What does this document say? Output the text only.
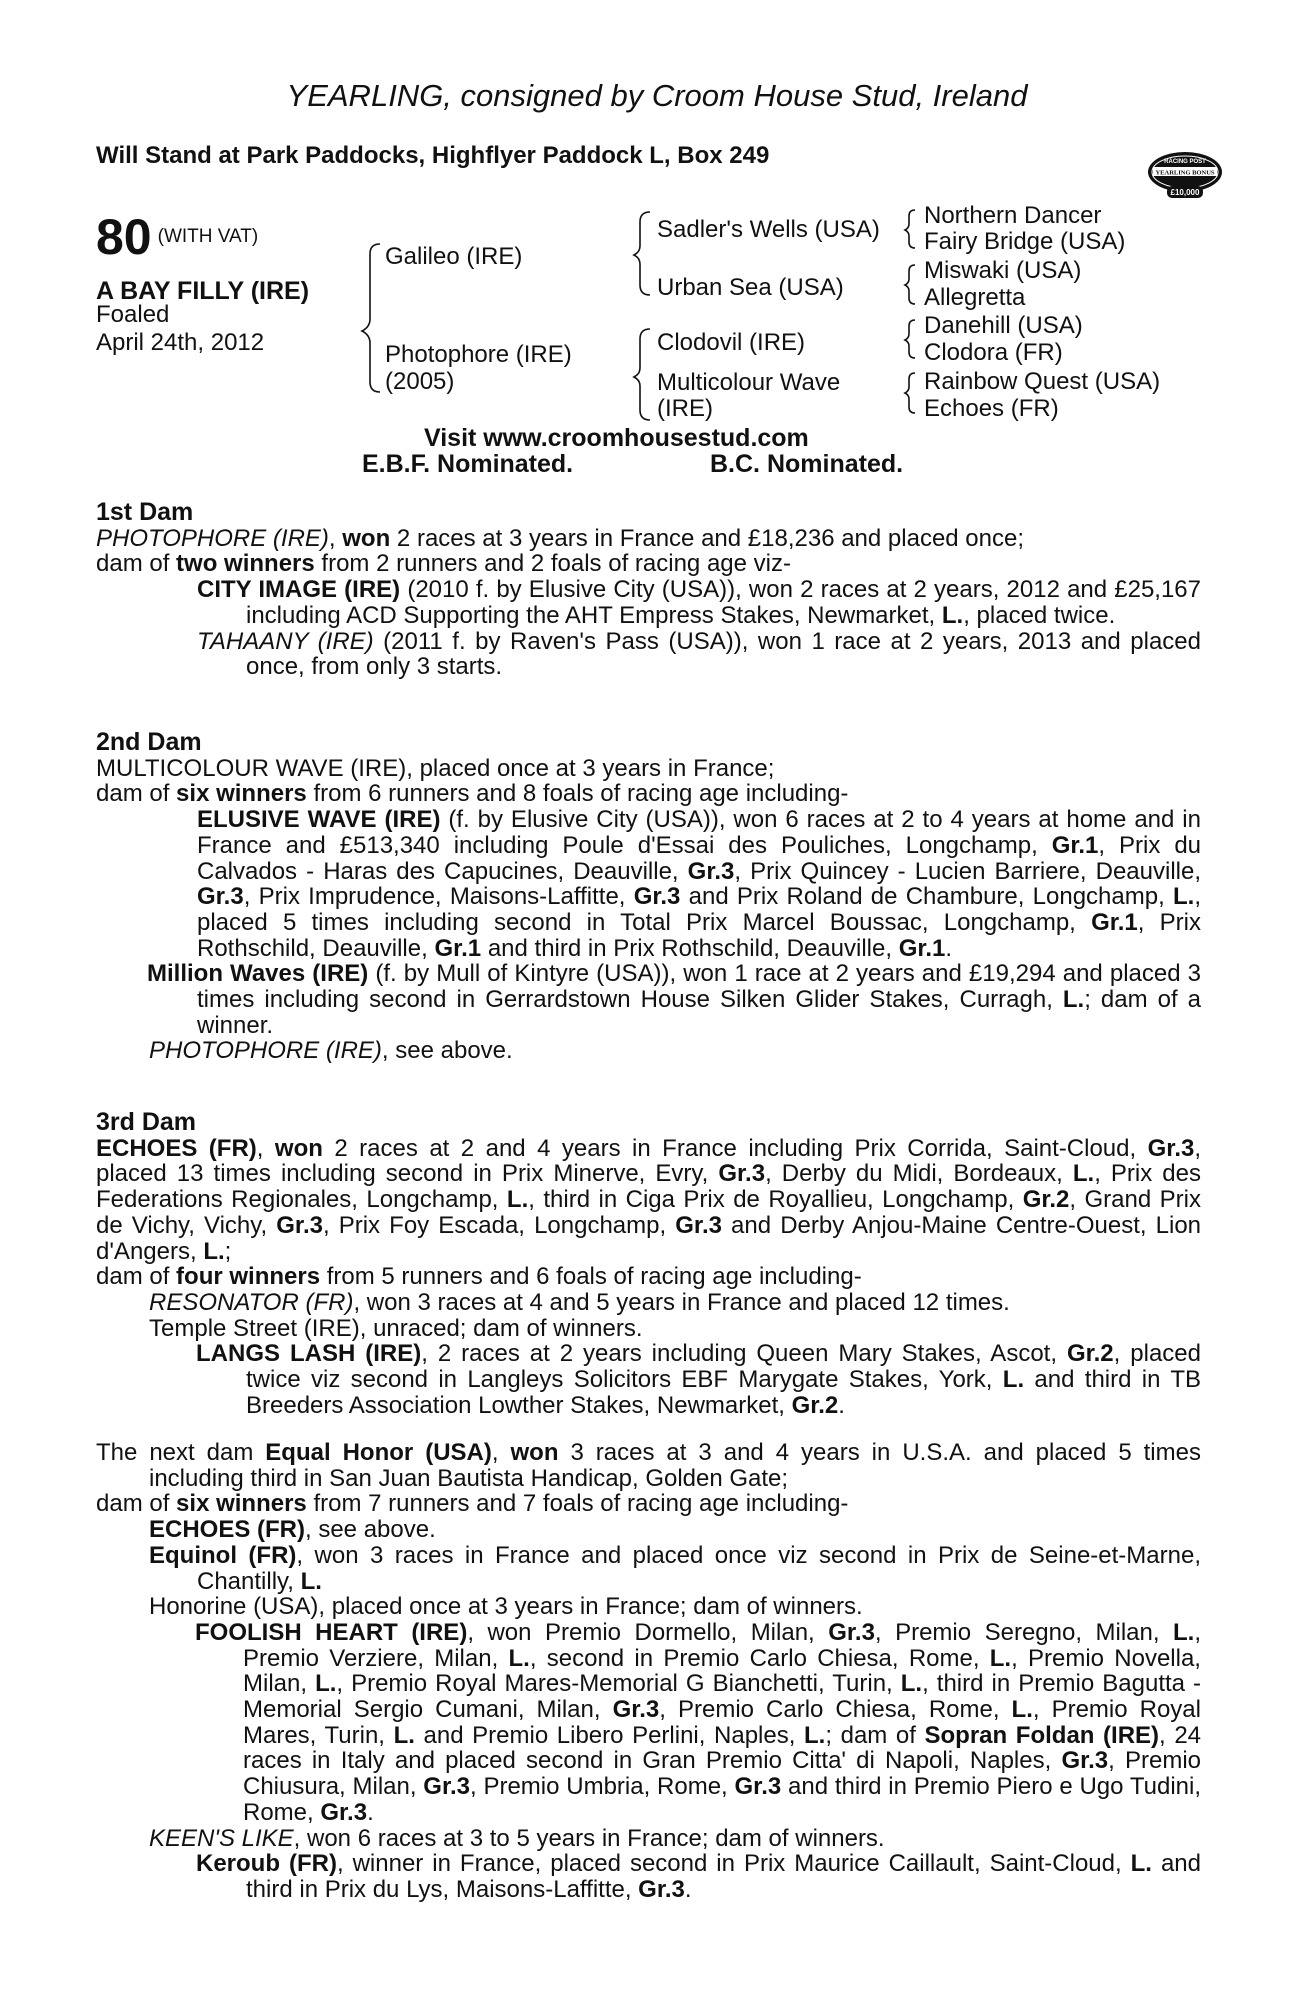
YEARLING, consigned by Croom House Stud, Ireland
Will Stand at Park Paddocks, Highflyer Paddock L, Box 249	RACING POST
YEARLING BONUS
£10,000
80 (WITH VAT)
A BAY FILLY (IRE)
Foaled
April 24th, 2012
Galileo (IRE)
Photophore (IRE)
(2005)
Sadler's Wells (USA)
Urban Sea (USA)
Clodovil (IRE)
Multicolour Wave
(IRE)
Northern Dancer
Fairy Bridge (USA)
Miswaki (USA)
Allegretta
Danehill (USA)
Clodora (FR)
Rainbow Quest (USA)
Echoes (FR)
Visit www.croomhousestud.com
E.B.F. Nominated.	B.C. Nominated.

1st Dam

PHOTOPHORE (IRE), won 2 races at 3 years in France and £18,236 and placed once;

dam of two winners from 2 runners and 2 foals of racing age viz-

CITY IMAGE (IRE) (2010 f. by Elusive City (USA)), won 2 races at 2 years, 2012 and £25,167 including ACD Supporting the AHT Empress Stakes, Newmarket, L., placed twice.

TAHAANY (IRE) (2011 f. by Raven's Pass (USA)), won 1 race at 2 years, 2013 and placed once, from only 3 starts.

2nd Dam

MULTICOLOUR WAVE (IRE), placed once at 3 years in France;

dam of six winners from 6 runners and 8 foals of racing age including-

ELUSIVE WAVE (IRE) (f. by Elusive City (USA)), won 6 races at 2 to 4 years at home and in France and £513,340 including Poule d'Essai des Pouliches, Longchamp, Gr.1, Prix du Calvados - Haras des Capucines, Deauville, Gr.3, Prix Quincey - Lucien Barriere, Deauville, Gr.3, Prix Imprudence, Maisons-Laffitte, Gr.3 and Prix Roland de Chambure, Longchamp, L., placed 5 times including second in Total Prix Marcel Boussac, Longchamp, Gr.1, Prix Rothschild, Deauville, Gr.1 and third in Prix Rothschild, Deauville, Gr.1.

Million Waves (IRE) (f. by Mull of Kintyre (USA)), won 1 race at 2 years and £19,294 and placed 3 times including second in Gerrardstown House Silken Glider Stakes, Curragh, L.; dam of a winner.

PHOTOPHORE (IRE), see above.

3rd Dam

ECHOES (FR), won 2 races at 2 and 4 years in France including Prix Corrida, Saint-Cloud, Gr.3, placed 13 times including second in Prix Minerve, Evry, Gr.3, Derby du Midi, Bordeaux, L., Prix des Federations Regionales, Longchamp, L., third in Ciga Prix de Royallieu, Longchamp, Gr.2, Grand Prix de Vichy, Vichy, Gr.3, Prix Foy Escada, Longchamp, Gr.3 and Derby Anjou-Maine Centre-Ouest, Lion d'Angers, L.;

dam of four winners from 5 runners and 6 foals of racing age including-

RESONATOR (FR), won 3 races at 4 and 5 years in France and placed 12 times.

Temple Street (IRE), unraced; dam of winners.

LANGS LASH (IRE), 2 races at 2 years including Queen Mary Stakes, Ascot, Gr.2, placed twice viz second in Langleys Solicitors EBF Marygate Stakes, York, L. and third in TB Breeders Association Lowther Stakes, Newmarket, Gr.2.

The next dam Equal Honor (USA), won 3 races at 3 and 4 years in U.S.A. and placed 5 times including third in San Juan Bautista Handicap, Golden Gate;

dam of six winners from 7 runners and 7 foals of racing age including-

ECHOES (FR), see above.

Equinol (FR), won 3 races in France and placed once viz second in Prix de Seine-et-Marne, Chantilly, L.

Honorine (USA), placed once at 3 years in France; dam of winners.

FOOLISH HEART (IRE), won Premio Dormello, Milan, Gr.3, Premio Seregno, Milan, L., Premio Verziere, Milan, L., second in Premio Carlo Chiesa, Rome, L., Premio Novella, Milan, L., Premio Royal Mares-Memorial G Bianchetti, Turin, L., third in Premio Bagutta - Memorial Sergio Cumani, Milan, Gr.3, Premio Carlo Chiesa, Rome, L., Premio Royal Mares, Turin, L. and Premio Libero Perlini, Naples, L.; dam of Sopran Foldan (IRE), 24 races in Italy and placed second in Gran Premio Citta' di Napoli, Naples, Gr.3, Premio Chiusura, Milan, Gr.3, Premio Umbria, Rome, Gr.3 and third in Premio Piero e Ugo Tudini, Rome, Gr.3.

KEEN'S LIKE, won 6 races at 3 to 5 years in France; dam of winners.

Keroub (FR), winner in France, placed second in Prix Maurice Caillault, Saint-Cloud, L. and third in Prix du Lys, Maisons-Laffitte, Gr.3.
